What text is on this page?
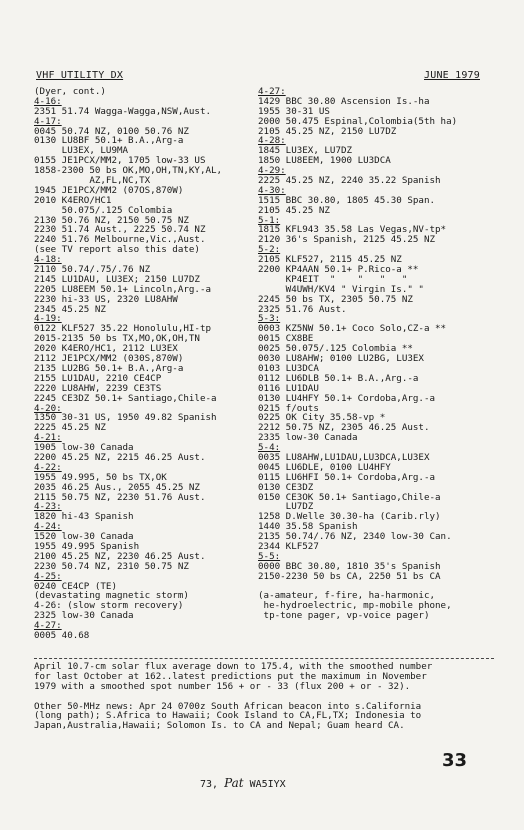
VHF UTILITY DX	JUNE 1979
(Dyer, cont.)
4-16:
2351 51.74 Wagga-Wagga,NSW,Aust.
4-17:
0045 50.74 NZ, 0100 50.76 NZ
0130 LU8BF 50.1+ B.A.,Arg-a
LU3EX, LU9MA
0155 JE1PCX/MM2, 1705 low-33 US
1858-2300 50 bs OK,MO,OH,TN,KY,AL,
AZ,FL,NC,TX
1945 JE1PCX/MM2 (07OS,870W)
2010 K4ERO/HC1
50.075/.125 Colombia
2130 50.76 NZ, 2150 50.75 NZ
2230 51.74 Aust., 2225 50.74 NZ
2240 51.76 Melbourne,Vic.,Aust.
(see TV report also this date)
4-18:
2110 50.74/.75/.76 NZ
2145 LU1DAU, LU3EX; 2150 LU7DZ
2205 LU8EEM 50.1+ Lincoln,Arg.-a
2230 hi-33 US, 2320 LU8AHW
2345 45.25 NZ
4-19:
0122 KLF527 35.22 Honolulu,HI-tp
2015-2135 50 bs TX,MO,OK,OH,TN
2020 K4ERO/HC1, 2112 LU3EX
2112 JE1PCX/MM2 (030S,870W)
2135 LU2BG 50.1+ B.A.,Arg-a
2155 LU1DAU, 2210 CE4CP
2220 LU8AHW, 2239 CE3TS
2245 CE3DZ 50.1+ Santiago,Chile-a
4-20:
1350 30-31 US, 1950 49.82 Spanish
2225 45.25 NZ
4-21:
1905 low-30 Canada
2200 45.25 NZ, 2215 46.25 Aust.
4-22:
1955 49.995, 50 bs TX,OK
2035 46.25 Aus., 2055 45.25 NZ
2115 50.75 NZ, 2230 51.76 Aust.
4-23:
1820 hi-43 Spanish
4-24:
1520 low-30 Canada
1955 49.995 Spanish
2100 45.25 NZ, 2230 46.25 Aust.
2230 50.74 NZ, 2310 50.75 NZ
4-25:
0240 CE4CP (TE)
(devastating magnetic storm)
4-26: (slow storm recovery)
2325 low-30 Canada
4-27:
0005 40.68
4-27:
1429 BBC 30.80 Ascension Is.-ha
1955 30-31 US
2000 50.475 Espinal,Colombia(5th ha)
2105 45.25 NZ, 2150 LU7DZ
4-28:
1845 LU3EX, LU7DZ
1850 LU8EEM, 1900 LU3DCA
4-29:
2225 45.25 NZ, 2240 35.22 Spanish
4-30:
1515 BBC 30.80, 1805 45.30 Span.
2105 45.25 NZ
5-1:
1815 KFL943 35.58 Las Vegas,NV-tp*
2120 36's Spanish, 2125 45.25 NZ
5-2:
2105 KLF527, 2115 45.25 NZ
2200 KP4AAN 50.1+ P.Rico-a **
KP4EIT  "    "   "   "
W4UWH/KV4 " Virgin Is." "
2245 50 bs TX, 2305 50.75 NZ
2325 51.76 Aust.
5-3:
0003 KZ5NW 50.1+ Coco Solo,CZ-a **
0015 CX8BE
0025 50.075/.125 Colombia **
0030 LU8AHW; 0100 LU2BG, LU3EX
0103 LU3DCA
0112 LU6DLB 50.1+ B.A.,Arg.-a
0116 LU1DAU
0130 LU4HFY 50.1+ Cordoba,Arg.-a
0215 f/outs
0225 OK City 35.58-vp *
2212 50.75 NZ, 2305 46.25 Aust.
2335 low-30 Canada
5-4:
0035 LU8AHW,LU1DAU,LU3DCA,LU3EX
0045 LU6DLE, 0100 LU4HFY
0115 LU6HFI 50.1+ Cordoba,Arg.-a
0130 CE3DZ
0150 CE3OK 50.1+ Santiago,Chile-a
LU7DZ
1258 D.Welle 30.30-ha (Carib.rly)
1440 35.58 Spanish
2135 50.74/.76 NZ, 2340 low-30 Can.
2344 KLF527
5-5:
0000 BBC 30.80, 1810 35's Spanish
2150-2230 50 bs CA, 2250 51 bs CA
(a-amateur, f-fire, ha-harmonic,
he-hydroelectric, mp-mobile phone,
tp-tone pager, vp-voice pager)
April 10.7-cm solar flux average down to 175.4, with the smoothed number
for last October at 162..latest predictions put the maximum in November
1979 with a smoothed spot number 156 + or - 33 (flux 200 + or - 32).
Other 50-MHz news: Apr 24 0700z South African beacon into s.California
(long path); S.Africa to Hawaii; Cook Island to CA,FL,TX; Indonesia to
Japan,Australia,Hawaii; Solomon Is. to CA and Nepal; Guam heard CA.
73, Pat WA5IYX
33
